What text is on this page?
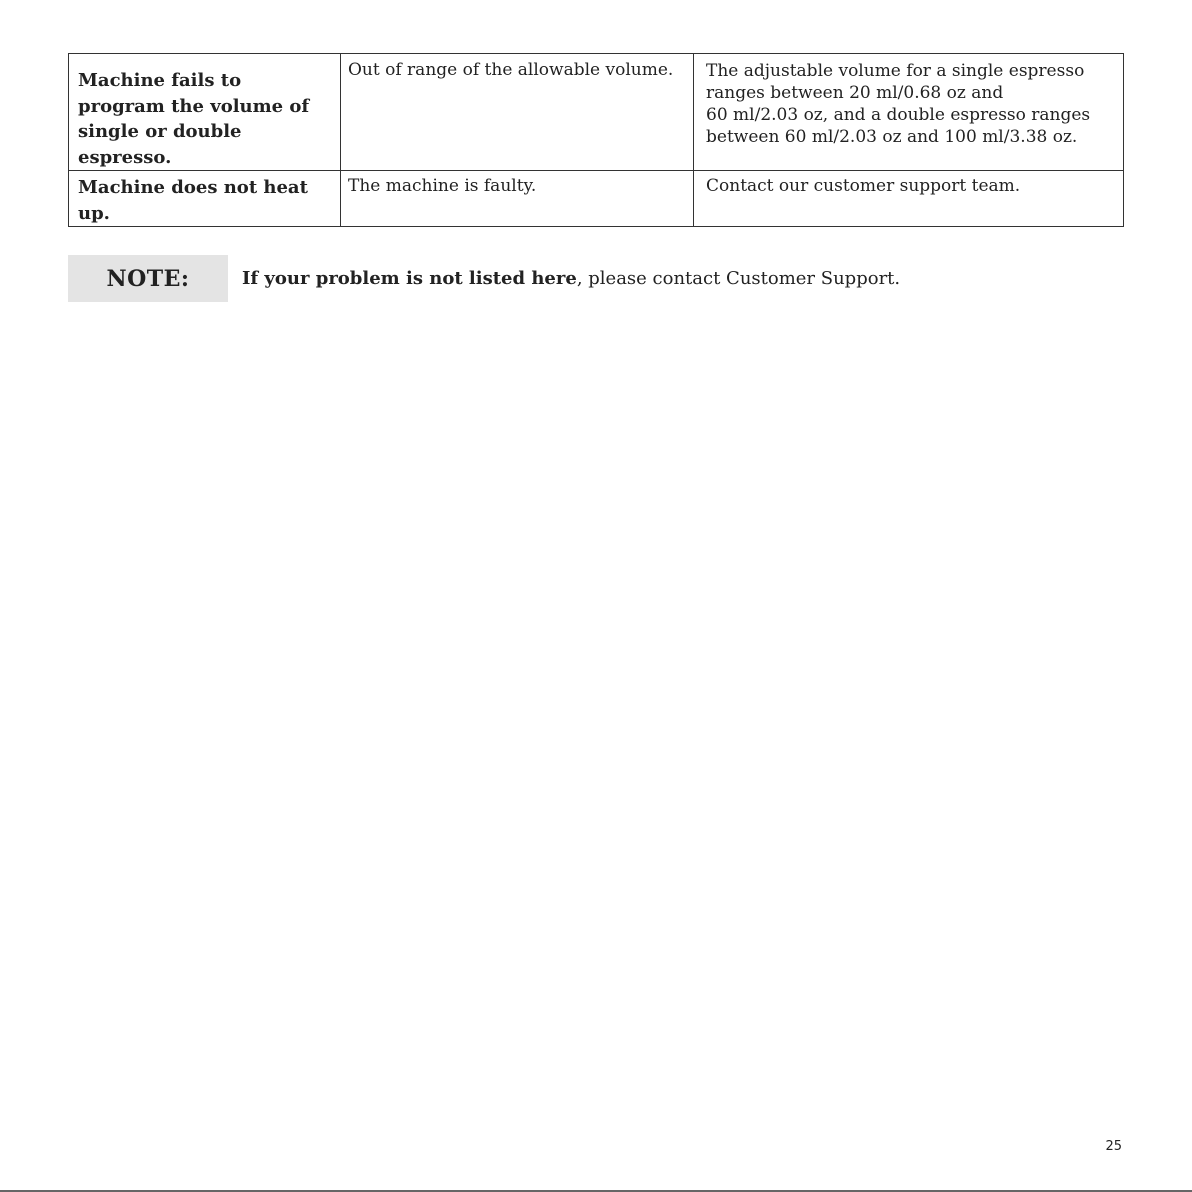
Machine fails to program the volume of single or double espresso.	Out of range of the allowable volume.	The adjustable volume for a single espresso
ranges between 20 ml/0.68 oz and
60 ml/2.03 oz, and a double espresso ranges
between 60 ml/2.03 oz and 100 ml/3.38 oz.

Machine does not heat up.	The machine is faulty.	Contact our customer support team.
NOTE:	If your problem is not listed here, please contact Customer Support.
25
